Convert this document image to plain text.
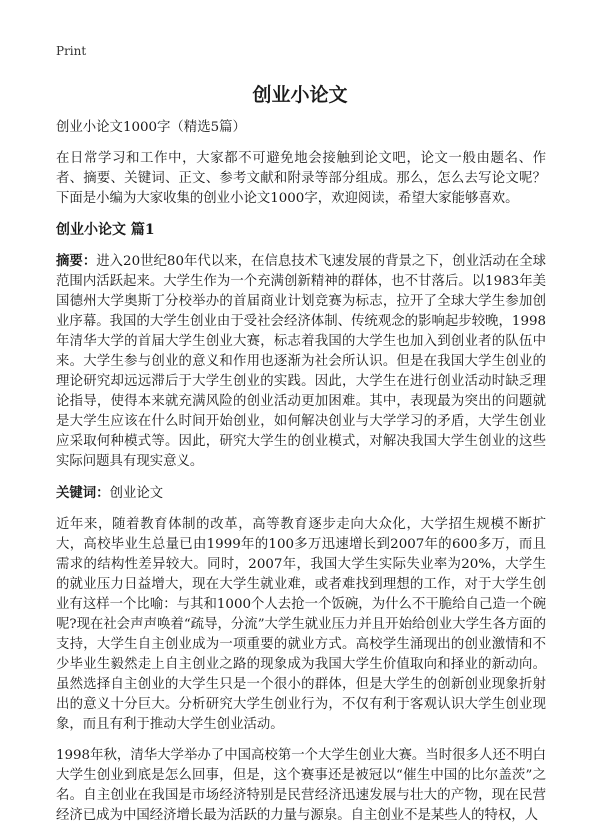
Print
创业小论文

创业小论文1000字（精选5篇）

在日常学习和工作中，大家都不可避免地会接触到论文吧，论文一般由题名、作者、摘要、关键词、正文、参考文献和附录等部分组成。那么，怎么去写论文呢？下面是小编为大家收集的创业小论文1000字，欢迎阅读，希望大家能够喜欢。

创业小论文 篇1

摘要：进入20世纪80年代以来，在信息技术飞速发展的背景之下，创业活动在全球范围内活跃起来。大学生作为一个充满创新精神的群体，也不甘落后。以1983年美国德州大学奥斯丁分校举办的首届商业计划竞赛为标志，拉开了全球大学生参加创业序幕。我国的大学生创业由于受社会经济体制、传统观念的影响起步较晚，1998年清华大学的首届大学生创业大赛，标志着我国的大学生也加入到创业者的队伍中来。大学生参与创业的意义和作用也逐渐为社会所认识。但是在我国大学生创业的理论研究却远远滞后于大学生创业的实践。因此，大学生在进行创业活动时缺乏理论指导，使得本来就充满风险的创业活动更加困难。其中，表现最为突出的问题就是大学生应该在什么时间开始创业，如何解决创业与大学学习的矛盾，大学生创业应采取何种模式等。因此，研究大学生的创业模式，对解决我国大学生创业的这些实际问题具有现实意义。

关键词：创业论文

近年来，随着教育体制的改革，高等教育逐步走向大众化，大学招生规模不断扩大，高校毕业生总量已由1999年的100多万迅速增长到2007年的600多万，而且需求的结构性差异较大。同时，2007年，我国大学生实际失业率为20%，大学生的就业压力日益增大，现在大学生就业难，或者难找到理想的工作，对于大学生创业有这样一个比喻：与其和1000个人去抢一个饭碗，为什么不干脆给自己造一个碗呢?现在社会声声唤着“疏导，分流”大学生就业压力并且开始给创业大学生各方面的支持，大学生自主创业成为一项重要的就业方式。高校学生涌现出的创业激情和不少毕业生毅然走上自主创业之路的现象成为我国大学生价值取向和择业的新动向。虽然选择自主创业的大学生只是一个很小的群体，但是大学生的创新创业现象折射出的意义十分巨大。分析研究大学生创业行为，不仅有利于客观认识大学生创业现象，而且有利于推动大学生创业活动。

1998年秋，清华大学举办了中国高校第一个大学生创业大赛。当时很多人还不明白大学生创业到底是怎么回事，但是，这个赛事还是被冠以“催生中国的比尔盖茨”之名。自主创业在我国是市场经济特别是民营经济迅速发展与壮大的产物，现在民营经济已成为中国经济增长最为活跃的力量与源泉。自主创业不是某些人的特权，人
